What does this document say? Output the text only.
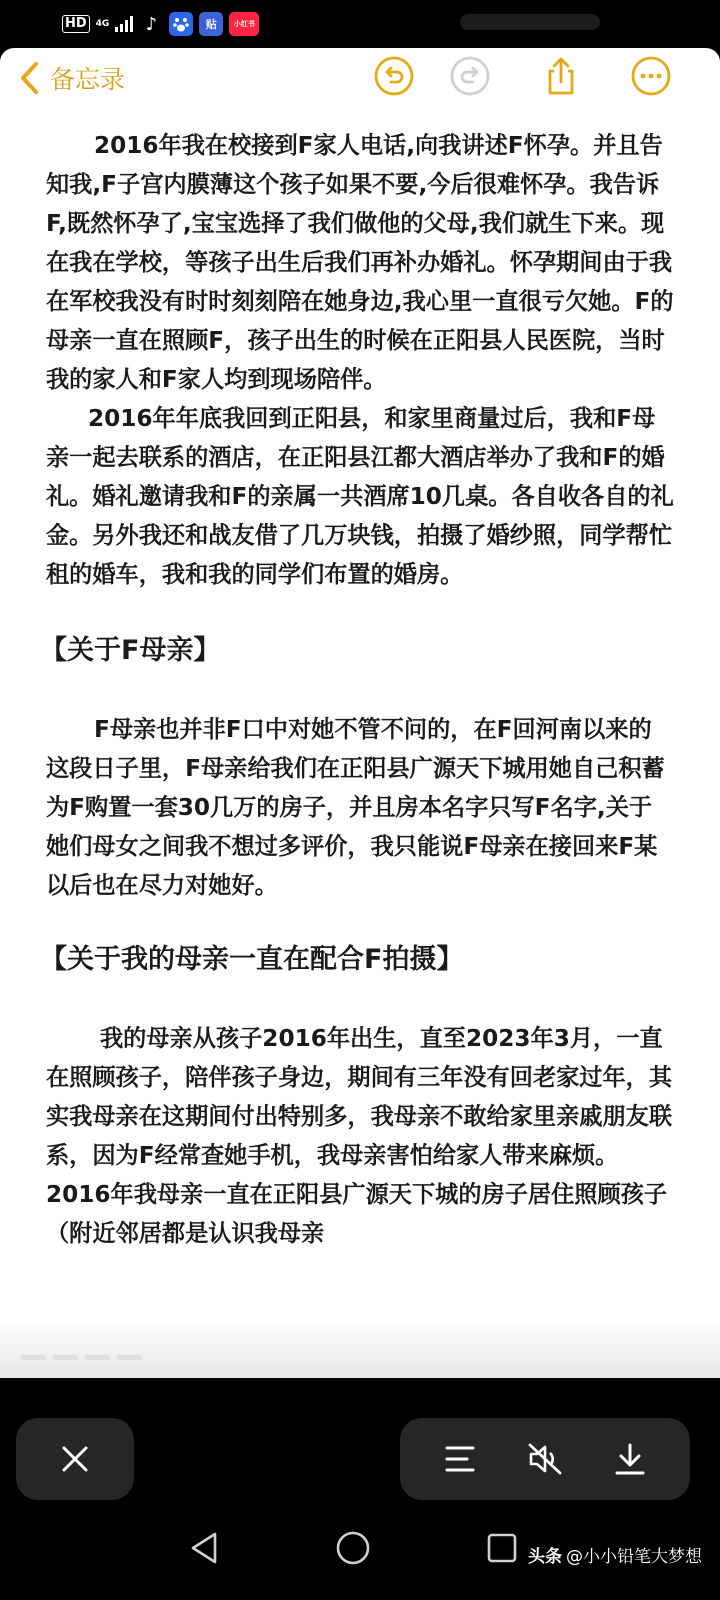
HD	4G	♪	贴	小红书
备忘录

2016年我在校接到F家人电话,向我讲述F怀孕。并且告知我,F子宫内膜薄这个孩子如果不要,今后很难怀孕。我告诉F,既然怀孕了,宝宝选择了我们做他的父母,我们就生下来。现在我在学校，等孩子出生后我们再补办婚礼。怀孕期间由于我在军校我没有时时刻刻陪在她身边,我心里一直很亏欠她。F的母亲一直在照顾F，孩子出生的时候在正阳县人民医院，当时我的家人和F家人均到现场陪伴。

2016年年底我回到正阳县，和家里商量过后，我和F母亲一起去联系的酒店，在正阳县江都大酒店举办了我和F的婚礼。婚礼邀请我和F的亲属一共酒席10几桌。各自收各自的礼金。另外我还和战友借了几万块钱，拍摄了婚纱照，同学帮忙租的婚车，我和我的同学们布置的婚房。

【关于F母亲】

F母亲也并非F口中对她不管不问的，在F回河南以来的这段日子里，F母亲给我们在正阳县广源天下城用她自己积蓄为F购置一套30几万的房子，并且房本名字只写F名字,关于她们母女之间我不想过多评价，我只能说F母亲在接回来F某以后也在尽力对她好。

【关于我的母亲一直在配合F拍摄】

我的母亲从孩子2016年出生，直至2023年3月，一直在照顾孩子，陪伴孩子身边，期间有三年没有回老家过年，其实我母亲在这期间付出特别多，我母亲不敢给家里亲戚朋友联系，因为F经常查她手机，我母亲害怕给家人带来麻烦。2016年我母亲一直在正阳县广源天下城的房子居住照顾孩子（附近邻居都是认识我母亲

头条 @小小铅笔大梦想
